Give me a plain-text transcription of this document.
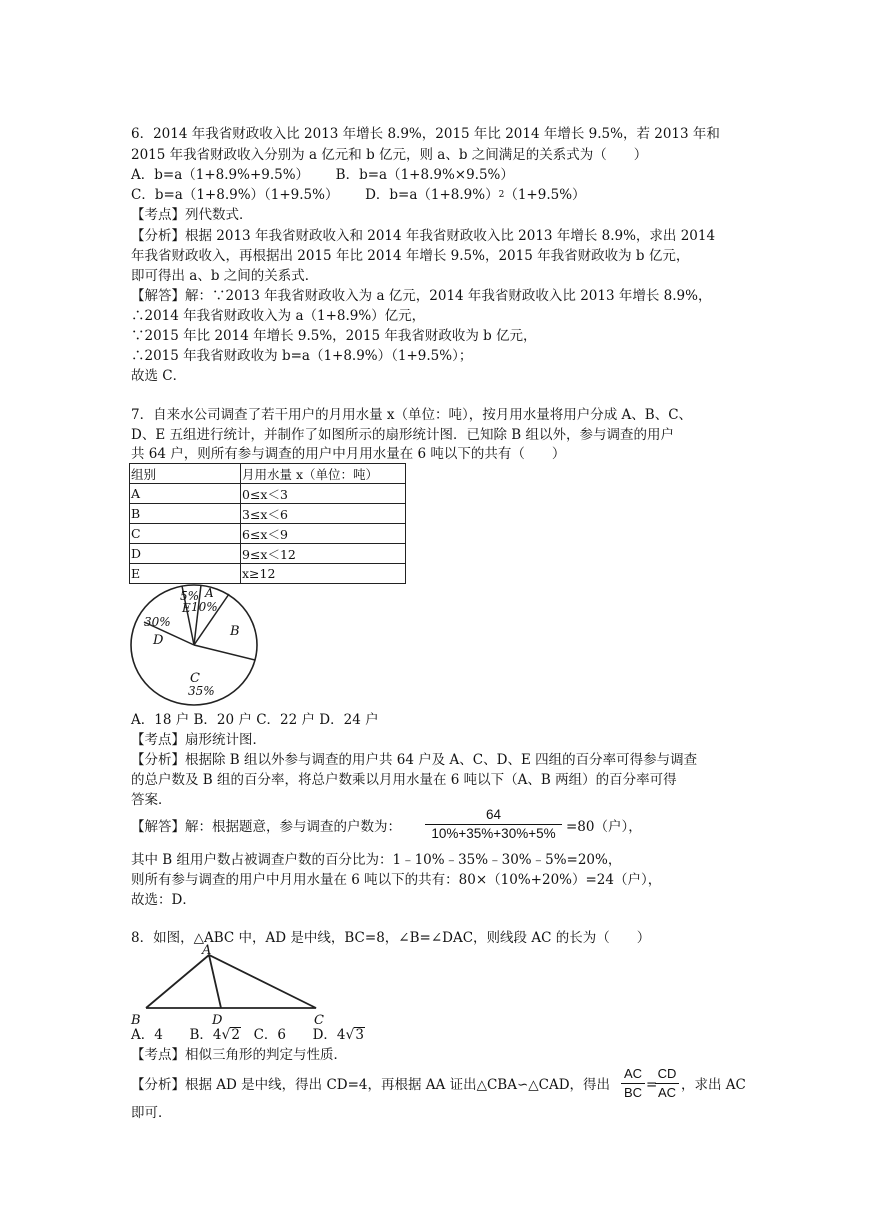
6．2014 年我省财政收入比 2013 年增长 8.9%，2015 年比 2014 年增长 9.5%，若 2013 年和
2015 年我省财政收入分别为 a 亿元和 b 亿元，则 a、b 之间满足的关系式为（　　）
A．b=a（1+8.9%+9.5%） B．b=a（1+8.9%×9.5%）
C．b=a（1+8.9%）（1+9.5%） D．$b=a(1+8.9\%)^2(1+9.5\%)$
【考点】列代数式．
【分析】根据 2013 年我省财政收入和 2014 年我省财政收入比 2013 年增长 8.9%，求出 2014
年我省财政收入，再根据出 2015 年比 2014 年增长 9.5%，2015 年我省财政收为 b 亿元，
即可得出 a、b 之间的关系式．
【解答】解：∵2013 年我省财政收入为 a 亿元，2014 年我省财政收入比 2013 年增长 8.9%，
∴2014 年我省财政收入为 a（1+8.9%）亿元，
∵2015 年比 2014 年增长 9.5%，2015 年我省财政收为 b 亿元，
∴2015 年我省财政收为 b=a（1+8.9%）（1+9.5%）；
故选 C．
7．自来水公司调查了若干用户的月用水量 x（单位：吨），按月用水量将用户分成 A、B、C、
D、E 五组进行统计，并制作了如图所示的扇形统计图．已知除 B 组以外，参与调查的用户
共 64 户，则所有参与调查的用户中月用水量在 6 吨以下的共有（　　）
组别	月用水量 x（单位：吨）
A	0≤x＜3
B	3≤x＜6
C	6≤x＜9
D	9≤x＜12
E	x≥12
5%
E
A
10%
B
30%
D
C
35%
A．18 户 B．20 户 C．22 户 D．24 户
【考点】扇形统计图．
【分析】根据除 B 组以外参与调查的用户共 64 户及 A、C、D、E 四组的百分率可得参与调查
的总户数及 B 组的百分率，将总户数乘以月用水量在 6 吨以下（A、B 两组）的百分率可得
答案．
【解答】解：根据题意，参与调查的户数为： $\frac{64}{10\%+35\%+30\%+5\%} =80$（户），
其中 B 组用户数占被调查户数的百分比为：1﹣10%﹣35%﹣30%﹣5%=20%，
则所有参与调查的用户中月用水量在 6 吨以下的共有：80×（10%+20%）=24（户），
故选：D．
8．如图，△ABC 中，AD 是中线，BC=8，∠B=∠DAC，则线段 AC 的长为（　　）
A
B	C
D
A．4 B．4√2 C．6 D．4√3
【考点】相似三角形的判定与性质．
【分析】根据 AD 是中线，得出 CD=4，再根据 AA 证出△CBA∽△CAD，得出 $\frac{AC}{BC}$ =
$\frac{CD}{AC}$ ，求出 AC
即可．
